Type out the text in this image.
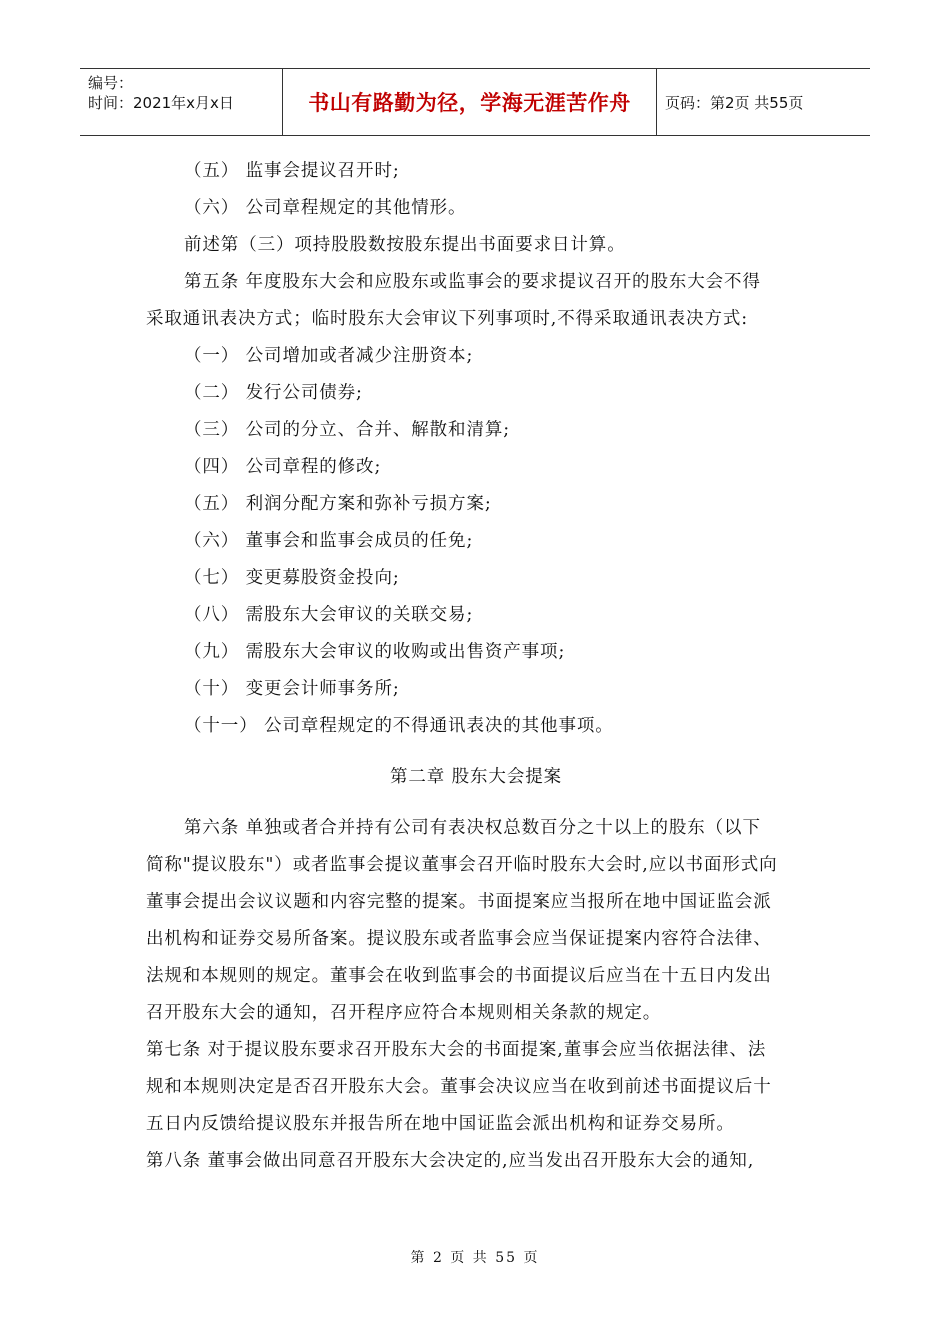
编号：
时间：2021年x月x日	书山有路勤为径，学海无涯苦作舟	页码：第2页 共55页
（五） 监事会提议召开时;
（六） 公司章程规定的其他情形。
前述第（三）项持股股数按股东提出书面要求日计算。
第五条 年度股东大会和应股东或监事会的要求提议召开的股东大会不得
采取通讯表决方式；临时股东大会审议下列事项时,不得采取通讯表决方式:
（一） 公司增加或者减少注册资本;
（二） 发行公司债券;
（三） 公司的分立、合并、解散和清算;
（四） 公司章程的修改;
（五） 利润分配方案和弥补亏损方案;
（六） 董事会和监事会成员的任免;
（七） 变更募股资金投向;
（八） 需股东大会审议的关联交易;
（九） 需股东大会审议的收购或出售资产事项;
（十） 变更会计师事务所;
（十一） 公司章程规定的不得通讯表决的其他事项。
第二章 股东大会提案
第六条 单独或者合并持有公司有表决权总数百分之十以上的股东（以下
简称"提议股东"）或者监事会提议董事会召开临时股东大会时,应以书面形式向
董事会提出会议议题和内容完整的提案。书面提案应当报所在地中国证监会派
出机构和证券交易所备案。提议股东或者监事会应当保证提案内容符合法律、
法规和本规则的规定。董事会在收到监事会的书面提议后应当在十五日内发出
召开股东大会的通知，召开程序应符合本规则相关条款的规定。
第七条 对于提议股东要求召开股东大会的书面提案,董事会应当依据法律、法
规和本规则决定是否召开股东大会。董事会决议应当在收到前述书面提议后十
五日内反馈给提议股东并报告所在地中国证监会派出机构和证券交易所。
第八条 董事会做出同意召开股东大会决定的,应当发出召开股东大会的通知,
第 2 页 共 55 页
